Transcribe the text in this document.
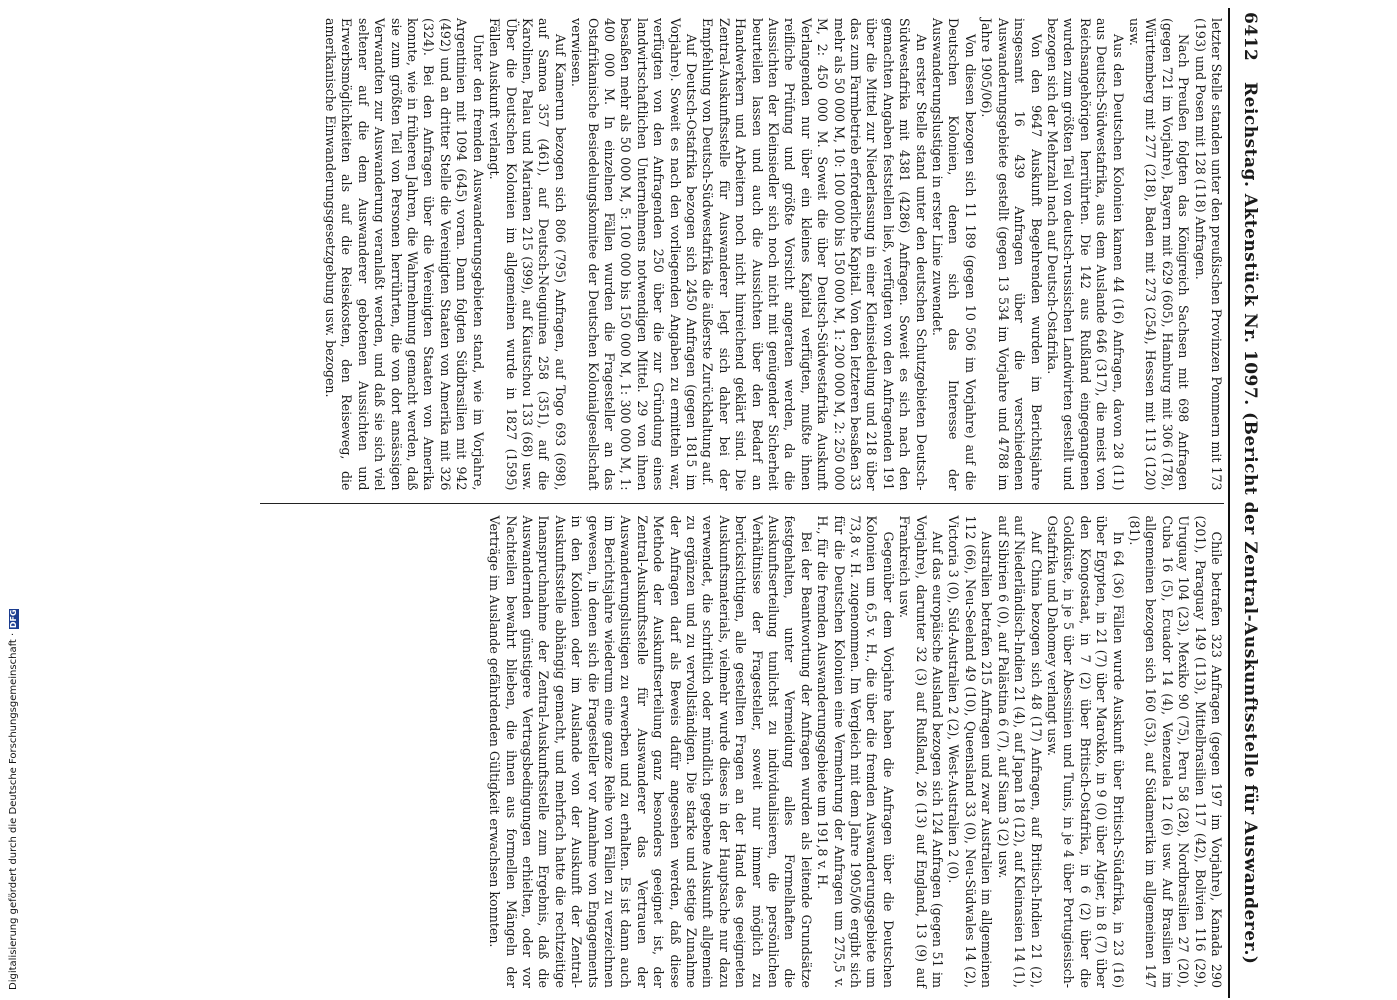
6412
Reichstag. Aktenstück Nr. 1097. (Bericht der Zentral-Auskunftsstelle für Auswanderer.)

letzter Stelle standen unter den preußischen Provinzen Pommern mit 173 (193) und Posen mit 128 (118) Anfragen.

Nach Preußen folgten das Königreich Sachsen mit 698 Anfragen (gegen 721 im Vorjahre), Bayern mit 629 (605), Hamburg mit 306 (178), Württemberg mit 277 (218), Baden mit 273 (254), Hessen mit 113 (120) usw.

Aus den Deutschen Kolonien kamen 44 (16) Anfragen, davon 28 (11) aus Deutsch-Südwestafrika, aus dem Auslande 646 (317), die meist von Reichsangehörigen herrührten. Die 142 aus Rußland eingegangenen wurden zum größten Teil von deutsch-russischen Landwirten gestellt und bezogen sich der Mehrzahl nach auf Deutsch-Ostafrika.

Von den 9647 Auskunft Begehrenden wurden im Berichtsjahre insgesamt 16 439 Anfragen über die verschiedenen Auswanderungsgebiete gestellt (gegen 13 534 im Vorjahre und 4788 im Jahre 1905/06).

Von diesen bezogen sich 11 189 (gegen 10 506 im Vorjahre) auf die Deutschen Kolonien, denen sich das Interesse der Auswanderungslustigen in erster Linie zuwendet.

An erster Stelle stand unter den deutschen Schutzgebieten Deutsch-Südwestafrika mit 4381 (4286) Anfragen. Soweit es sich nach den gemachten Angaben feststellen ließ, verfügten von den Anfragenden 191 über die Mittel zur Niederlassung in einer Kleinsiedelung und 218 über das zum Farmbetrieb erforderliche Kapital. Von den letzteren besaßen 33 mehr als 50 000 M, 10: 100 000 bis 150 000 M, 1: 200 000 M, 2: 250 000 M, 2: 450 000 M. Soweit die über Deutsch-Südwestafrika Auskunft Verlangenden nur über ein kleines Kapital verfügten, mußte ihnen reifliche Prüfung und größte Vorsicht angeraten werden, da die Aussichten der Kleinsiedler sich noch nicht mit genügender Sicherheit beurteilen lassen und auch die Aussichten über den Bedarf an Handwerkern und Arbeitern noch nicht hinreichend geklärt sind. Die Zentral-Auskunftsstelle für Auswanderer legt sich daher bei der Empfehlung von Deutsch-Südwestafrika die äußerste Zurückhaltung auf.

Auf Deutsch-Ostafrika bezogen sich 2450 Anfragen (gegen 1815 im Vorjahre). Soweit es nach den vorliegenden Angaben zu ermitteln war, verfügten von den Anfragenden 250 über die zur Gründung eines landwirtschaftlichen Unternehmens notwendigen Mittel. 29 von ihnen besaßen mehr als 50 000 M, 5: 100 000 bis 150 000 M, 1: 300 000 M, 1: 400 000 M. In einzelnen Fällen wurden die Fragesteller an das Ostafrikanische Besiedelungskomitee der Deutschen Kolonialgesellschaft verwiesen.

Auf Kamerun bezogen sich 806 (795) Anfragen, auf Togo 693 (698), auf Samoa 357 (461), auf Deutsch-Neuguinea 258 (351), auf die Karolinen, Palau und Marianen 215 (399), auf Kiautschou 133 (68) usw. Über die Deutschen Kolonien im allgemeinen wurde in 1827 (1595) Fällen Auskunft verlangt.

Unter den fremden Auswanderungsgebieten stand, wie im Vorjahre, Argentinien mit 1094 (645) voran. Dann folgten Südbrasilien mit 942 (492) und an dritter Stelle die Vereinigten Staaten von Amerika mit 326 (324). Bei den Anfragen über die Vereinigten Staaten von Amerika konnte, wie in früheren Jahren, die Wahrnehmung gemacht werden, daß sie zum größten Teil von Personen herrührten, die von dort ansässigen Verwandten zur Auswanderung veranlaßt werden, und daß sie sich viel seltener auf die dem Auswanderer gebotenen Aussichten und Erwerbsmöglichkeiten als auf die Reisekosten, den Reiseweg, die amerikanische Einwanderungsgesetzgebung usw. bezogen.

Chile betrafen 323 Anfragen (gegen 197 im Vorjahre), Kanada 290 (201), Paraguay 149 (113), Mittelbrasilien 117 (42), Bolivien 116 (29), Uruguay 104 (23), Mexiko 90 (75), Peru 58 (28), Nordbrasilien 27 (20), Cuba 16 (5), Ecuador 14 (4), Venezuela 12 (6) usw. Auf Brasilien im allgemeinen bezogen sich 160 (53), auf Südamerika im allgemeinen 147 (81).

In 64 (36) Fällen wurde Auskunft über Britisch-Südafrika, in 23 (16) über Egypten, in 21 (7) über Marokko, in 9 (0) über Algier, in 8 (7) über den Kongostaat, in 7 (2) über Britisch-Ostafrika, in 6 (2) über die Goldküste, in je 5 über Abessinien und Tunis, in je 4 über Portugiesisch-Ostafrika und Dahomey verlangt usw.

Auf China bezogen sich 48 (17) Anfragen, auf Britisch-Indien 21 (2), auf Niederländisch-Indien 21 (4), auf Japan 18 (12), auf Kleinasien 14 (1), auf Sibirien 6 (0), auf Palästina 6 (7), auf Siam 3 (2) usw.

Australien betrafen 215 Anfragen und zwar Australien im allgemeinen 112 (66), Neu-Seeland 49 (10), Queensland 33 (0), Neu-Südwales 14 (2), Victoria 3 (0), Süd-Australien 2 (2), West-Australien 2 (0).

Auf das europäische Ausland bezogen sich 124 Anfragen (gegen 51 im Vorjahre), darunter 32 (3) auf Rußland, 26 (13) auf England, 13 (9) auf Frankreich usw.

Gegenüber dem Vorjahre haben die Anfragen über die Deutschen Kolonien um 6,5 v. H., die über die fremden Auswanderungsgebiete um 73,8 v. H. zugenommen. Im Vergleich mit dem Jahre 1905/06 ergibt sich für die Deutschen Kolonien eine Vermehrung der Anfragen um 275,5 v. H., für die fremden Auswanderungsgebiete um 191,8 v. H.

Bei der Beantwortung der Anfragen wurden als leitende Grundsätze festgehalten, unter Vermeidung alles Formelhaften die Auskunftserteilung tunlichst zu individualisieren, die persönlichen Verhältnisse der Fragesteller, soweit nur immer möglich zu berücksichtigen, alle gestellten Fragen an der Hand des geeigneten Auskunftsmaterials, vielmehr wurde dieses in der Hauptsache nur dazu verwendet, die schriftlich oder mündlich gegebene Auskunft allgemein zu ergänzen und zu vervollständigen. Die starke und stetige Zunahme der Anfragen darf als Beweis dafür angesehen werden, daß diese Methode der Auskunftserteilung ganz besonders geeignet ist, der Zentral-Auskunftsstelle für Auswanderer das Vertrauen der Auswanderungslustigen zu erwerben und zu erhalten. Es ist dann auch im Berichtsjahre wiederum eine ganze Reihe von Fällen zu verzeichnen gewesen, in denen sich die Fragesteller vor Annahme von Engagements in den Kolonien oder im Auslande von der Auskunft der Zentral-Auskunftsstelle abhängig gemacht, und mehrfach hatte die rechtzeitige Inanspruchnahme der Zentral-Auskunftsstelle zum Ergebnis, daß die Auswandernden günstigere Vertragsbedingungen erhielten, oder vor Nachteilen bewahrt blieben, die ihnen aus formellen Mängeln der Verträge im Auslande gefährdenden Gültigkeit erwachsen konnten.

Digitalisierung gefördert durch die Deutsche Forschungsgemeinschaft ·
DFG
